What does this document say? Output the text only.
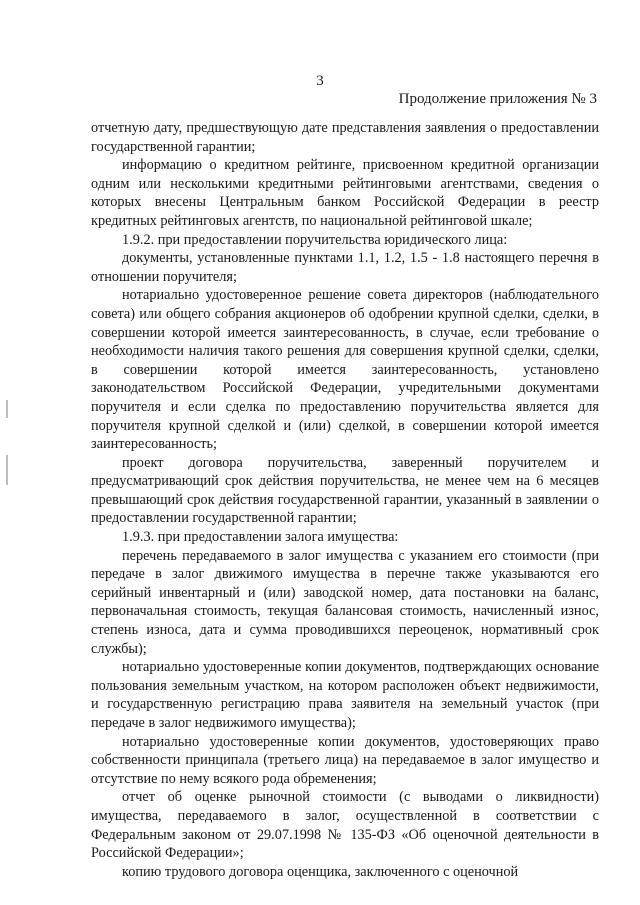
3
Продолжение приложения № 3

отчетную дату, предшествующую дате представления заявления о предоставлении государственной гарантии;

информацию о кредитном рейтинге, присвоенном кредитной организации одним или несколькими кредитными рейтинговыми агентствами, сведения о которых внесены Центральным банком Российской Федерации в реестр кредитных рейтинговых агентств, по национальной рейтинговой шкале;

1.9.2. при предоставлении поручительства юридического лица:

документы, установленные пунктами 1.1, 1.2, 1.5 - 1.8 настоящего перечня в отношении поручителя;

нотариально удостоверенное решение совета директоров (наблюдательного совета) или общего собрания акционеров об одобрении крупной сделки, сделки, в совершении которой имеется заинтересованность, в случае, если требование о необходимости наличия такого решения для совершения крупной сделки, сделки, в совершении которой имеется заинтересованность, установлено законодательством Российской Федерации, учредительными документами поручителя и если сделка по предоставлению поручительства является для поручителя крупной сделкой и (или) сделкой, в совершении которой имеется заинтересованность;

проект договора поручительства, заверенный поручителем и предусматривающий срок действия поручительства, не менее чем на 6 месяцев превышающий срок действия государственной гарантии, указанный в заявлении о предоставлении государственной гарантии;

1.9.3. при предоставлении залога имущества:

перечень передаваемого в залог имущества с указанием его стоимости (при передаче в залог движимого имущества в перечне также указываются его серийный инвентарный и (или) заводской номер, дата постановки на баланс, первоначальная стоимость, текущая балансовая стоимость, начисленный износ, степень износа, дата и сумма проводившихся переоценок, нормативный срок службы);

нотариально удостоверенные копии документов, подтверждающих основание пользования земельным участком, на котором расположен объект недвижимости, и государственную регистрацию права заявителя на земельный участок (при передаче в залог недвижимого имущества);

нотариально удостоверенные копии документов, удостоверяющих право собственности принципала (третьего лица) на передаваемое в залог имущество и отсутствие по нему всякого рода обременения;

отчет об оценке рыночной стоимости (с выводами о ликвидности) имущества, передаваемого в залог, осуществленной в соответствии с Федеральным законом от 29.07.1998 № 135-ФЗ «Об оценочной деятельности в Российской Федерации»;

копию трудового договора оценщика, заключенного с оценочной
